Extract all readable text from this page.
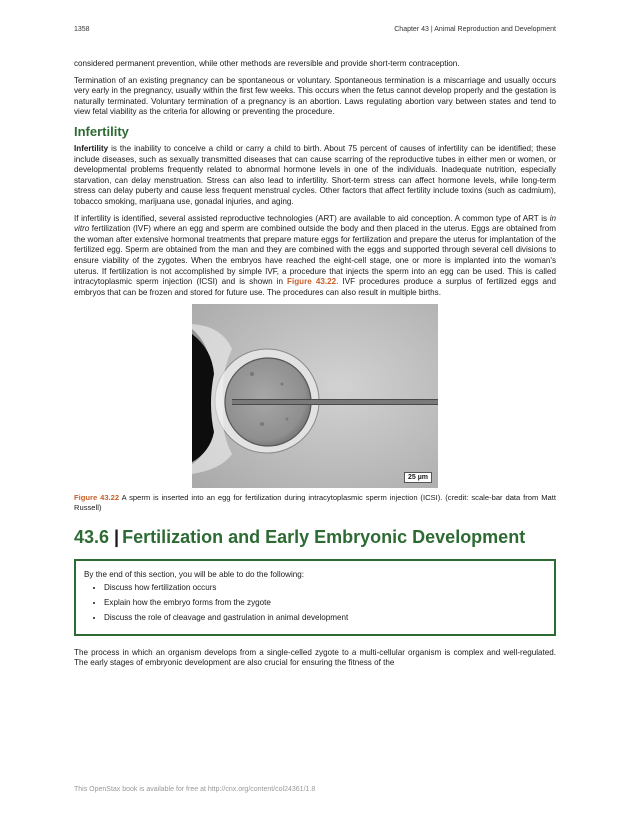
1358	Chapter 43 | Animal Reproduction and Development

considered permanent prevention, while other methods are reversible and provide short-term contraception.

Termination of an existing pregnancy can be spontaneous or voluntary. Spontaneous termination is a miscarriage and usually occurs very early in the pregnancy, usually within the first few weeks. This occurs when the fetus cannot develop properly and the gestation is naturally terminated. Voluntary termination of a pregnancy is an abortion. Laws regulating abortion vary between states and tend to view fetal viability as the criteria for allowing or preventing the procedure.

Infertility

Infertility is the inability to conceive a child or carry a child to birth. About 75 percent of causes of infertility can be identified; these include diseases, such as sexually transmitted diseases that can cause scarring of the reproductive tubes in either men or women, or developmental problems frequently related to abnormal hormone levels in one of the individuals. Inadequate nutrition, especially starvation, can delay menstruation. Stress can also lead to infertility. Short-term stress can affect hormone levels, while long-term stress can delay puberty and cause less frequent menstrual cycles. Other factors that affect fertility include toxins (such as cadmium), tobacco smoking, marijuana use, gonadal injuries, and aging.

If infertility is identified, several assisted reproductive technologies (ART) are available to aid conception. A common type of ART is in vitro fertilization (IVF) where an egg and sperm are combined outside the body and then placed in the uterus. Eggs are obtained from the woman after extensive hormonal treatments that prepare mature eggs for fertilization and prepare the uterus for implantation of the fertilized egg. Sperm are obtained from the man and they are combined with the eggs and supported through several cell divisions to ensure viability of the zygotes. When the embryos have reached the eight-cell stage, one or more is implanted into the woman's uterus. If fertilization is not accomplished by simple IVF, a procedure that injects the sperm into an egg can be used. This is called intracytoplasmic sperm injection (ICSI) and is shown in Figure 43.22. IVF procedures produce a surplus of fertilized eggs and embryos that can be frozen and stored for future use. The procedures can also result in multiple births.

25 µm
Figure 43.22 A sperm is inserted into an egg for fertilization during intracytoplasmic sperm injection (ICSI). (credit: scale-bar data from Matt Russell)
43.6 | Fertilization and Early Embryonic Development
By the end of this section, you will be able to do the following:
• Discuss how fertilization occurs
• Explain how the embryo forms from the zygote
• Discuss the role of cleavage and gastrulation in animal development

The process in which an organism develops from a single-celled zygote to a multi-cellular organism is complex and well-regulated. The early stages of embryonic development are also crucial for ensuring the fitness of the

This OpenStax book is available for free at http://cnx.org/content/col24361/1.8
